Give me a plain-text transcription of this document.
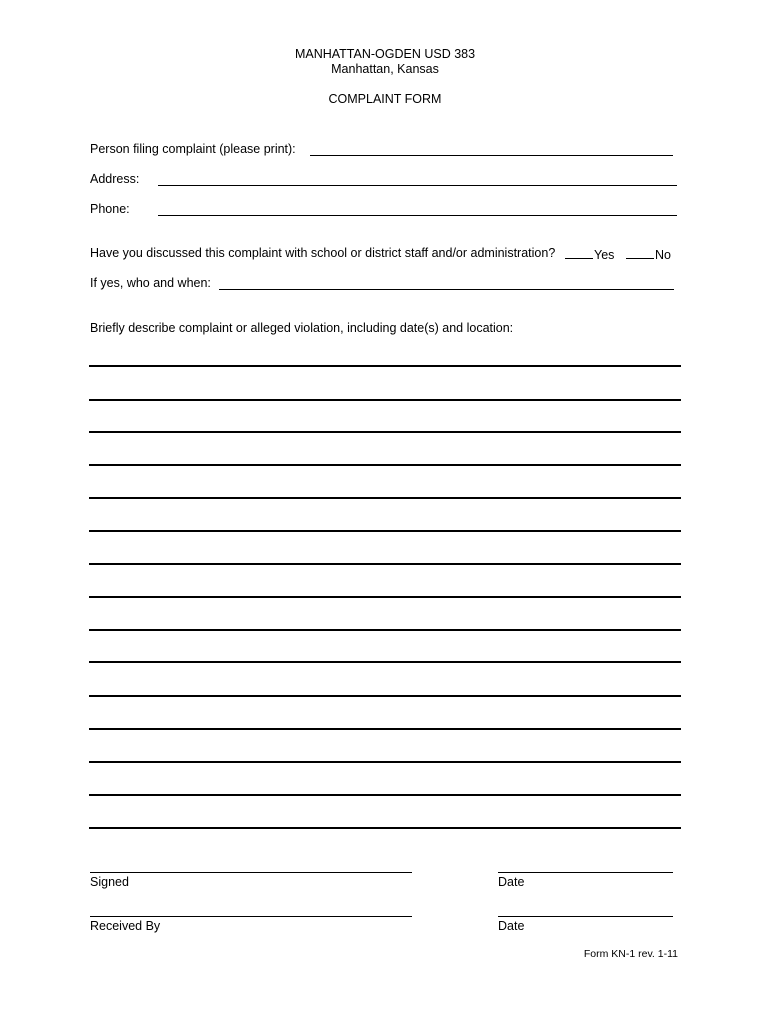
MANHATTAN-OGDEN USD 383
Manhattan, Kansas
COMPLAINT FORM
Person filing complaint (please print):
Address:
Phone:
Have you discussed this complaint with school or district staff and/or administration?	Yes	No
If yes, who and when:
Briefly describe complaint or alleged violation, including date(s) and location:
Signed	Date
Received By	Date
Form KN-1 rev. 1-11
